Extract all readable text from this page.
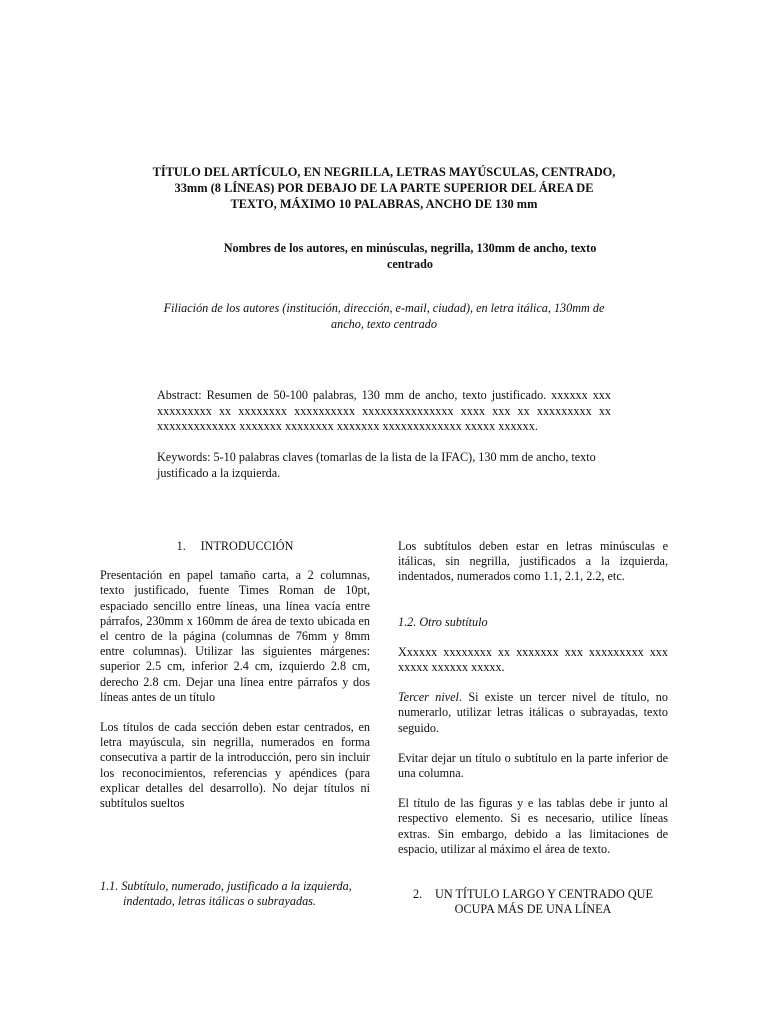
TÍTULO DEL ARTÍCULO, EN NEGRILLA, LETRAS MAYÚSCULAS, CENTRADO, 33mm (8 LÍNEAS) POR DEBAJO DE LA PARTE SUPERIOR DEL ÁREA DE TEXTO, MÁXIMO 10 PALABRAS, ANCHO DE 130 mm
Nombres de los autores, en minúsculas, negrilla, 130mm de ancho, texto centrado
Filiación de los autores (institución, dirección, e-mail, ciudad), en letra itálica, 130mm de ancho, texto centrado
Abstract: Resumen de 50-100 palabras, 130 mm de ancho, texto justificado. xxxxxx xxx xxxxxxxxx xx xxxxxxxx xxxxxxxxxx xxxxxxxxxxxxxxx xxxx xxx xx xxxxxxxxx xx xxxxxxxxxxxxx xxxxxxx xxxxxxxx xxxxxxx xxxxxxxxxxxxx xxxxx xxxxxx.
Keywords: 5-10 palabras claves (tomarlas de la lista de la IFAC), 130 mm de ancho, texto justificado a la izquierda.
1. INTRODUCCIÓN

Presentación en papel tamaño carta, a 2 columnas, texto justificado, fuente Times Roman de 10pt, espaciado sencillo entre líneas, una línea vacía entre párrafos, 230mm x 160mm de área de texto ubicada en el centro de la página (columnas de 76mm y 8mm entre columnas). Utilizar las siguientes márgenes: superior 2.5 cm, inferior 2.4 cm, izquierdo 2.8 cm, derecho 2.8 cm. Dejar una línea entre párrafos y dos líneas antes de un título

Los títulos de cada sección deben estar centrados, en letra mayúscula, sin negrilla, numerados en forma consecutiva a partir de la introducción, pero sin incluir los reconocimientos, referencias y apéndices (para explicar detalles del desarrollo). No dejar títulos ni subtítulos sueltos

1.1. Subtítulo, numerado, justificado a la izquierda, indentado, letras itálicas o subrayadas.

Los subtítulos deben estar en letras minúsculas e itálicas, sin negrilla, justificados a la izquierda, indentados, numerados como 1.1, 2.1, 2.2, etc.

1.2. Otro subtítulo

Xxxxxx xxxxxxxx xx xxxxxxx xxx xxxxxxxxx xxx xxxxx xxxxxx xxxxx.

Tercer nivel. Si existe un tercer nivel de título, no numerarlo, utilizar letras itálicas o subrayadas, texto seguido.

Evitar dejar un título o subtítulo en la parte inferior de una columna.

El título de las figuras y e las tablas debe ir junto al respectivo elemento. Si es necesario, utilice líneas extras. Sin embargo, debido a las limitaciones de espacio, utilizar al máximo el área de texto.

2. UN TÍTULO LARGO Y CENTRADO QUE
OCUPA MÁS DE UNA LÍNEA
